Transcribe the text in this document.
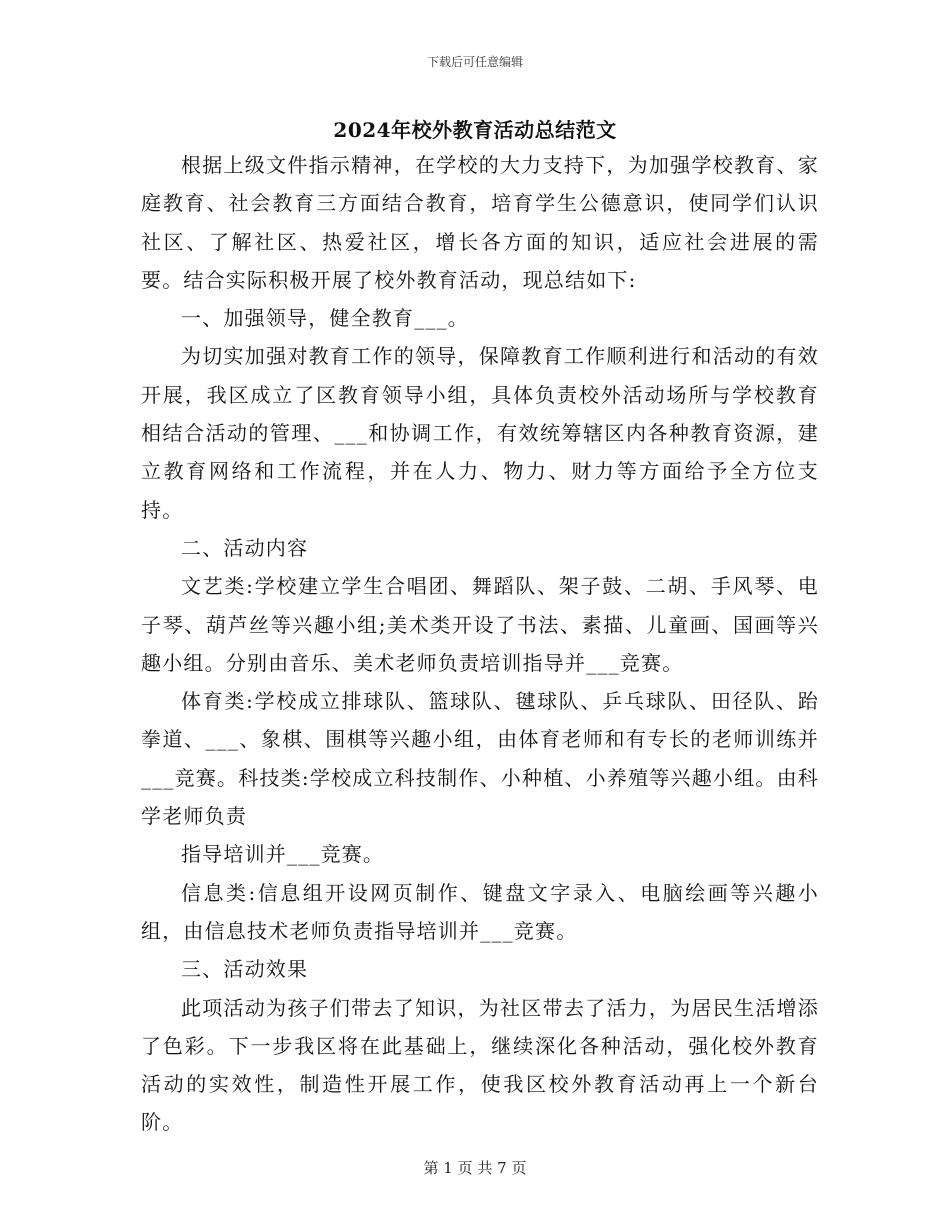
下载后可任意编辑
2024年校外教育活动总结范文

根据上级文件指示精神，在学校的大力支持下，为加强学校教育、家庭教育、社会教育三方面结合教育，培育学生公德意识，使同学们认识社区、了解社区、热爱社区，增长各方面的知识，适应社会进展的需要。结合实际积极开展了校外教育活动，现总结如下:

一、加强领导，健全教育___。

为切实加强对教育工作的领导，保障教育工作顺利进行和活动的有效开展，我区成立了区教育领导小组，具体负责校外活动场所与学校教育相结合活动的管理、___和协调工作，有效统筹辖区内各种教育资源，建立教育网络和工作流程，并在人力、物力、财力等方面给予全方位支持。

二、活动内容

文艺类:学校建立学生合唱团、舞蹈队、架子鼓、二胡、手风琴、电子琴、葫芦丝等兴趣小组;美术类开设了书法、素描、儿童画、国画等兴趣小组。分别由音乐、美术老师负责培训指导并___竞赛。

体育类:学校成立排球队、篮球队、毽球队、乒乓球队、田径队、跆拳道、___、象棋、围棋等兴趣小组，由体育老师和有专长的老师训练并___竞赛。科技类:学校成立科技制作、小种植、小养殖等兴趣小组。由科学老师负责

指导培训并___竞赛。

信息类:信息组开设网页制作、键盘文字录入、电脑绘画等兴趣小组，由信息技术老师负责指导培训并___竞赛。

三、活动效果

此项活动为孩子们带去了知识，为社区带去了活力，为居民生活增添了色彩。下一步我区将在此基础上，继续深化各种活动，强化校外教育活动的实效性，制造性开展工作，使我区校外教育活动再上一个新台阶。

第 1 页 共 7 页
